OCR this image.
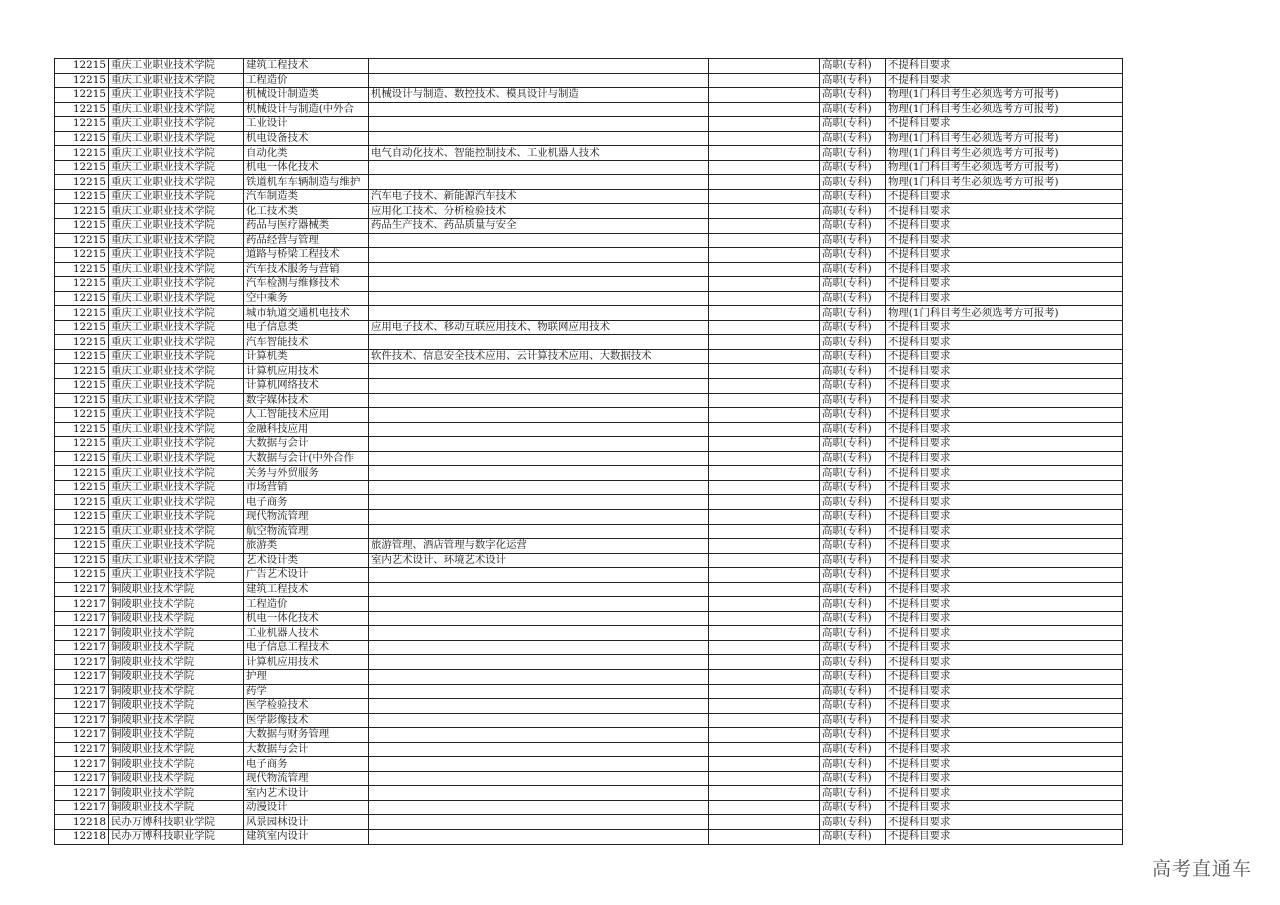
12215	重庆工业职业技术学院	建筑工程技术			高职(专科)	不提科目要求
12215	重庆工业职业技术学院	工程造价			高职(专科)	不提科目要求
12215	重庆工业职业技术学院	机械设计制造类	机械设计与制造、数控技术、模具设计与制造		高职(专科)	物理(1门科目考生必须选考方可报考)
12215	重庆工业职业技术学院	机械设计与制造(中外合			高职(专科)	物理(1门科目考生必须选考方可报考)
12215	重庆工业职业技术学院	工业设计			高职(专科)	不提科目要求
12215	重庆工业职业技术学院	机电设备技术			高职(专科)	物理(1门科目考生必须选考方可报考)
12215	重庆工业职业技术学院	自动化类	电气自动化技术、智能控制技术、工业机器人技术		高职(专科)	物理(1门科目考生必须选考方可报考)
12215	重庆工业职业技术学院	机电一体化技术			高职(专科)	物理(1门科目考生必须选考方可报考)
12215	重庆工业职业技术学院	铁道机车车辆制造与维护			高职(专科)	物理(1门科目考生必须选考方可报考)
12215	重庆工业职业技术学院	汽车制造类	汽车电子技术、新能源汽车技术		高职(专科)	不提科目要求
12215	重庆工业职业技术学院	化工技术类	应用化工技术、分析检验技术		高职(专科)	不提科目要求
12215	重庆工业职业技术学院	药品与医疗器械类	药品生产技术、药品质量与安全		高职(专科)	不提科目要求
12215	重庆工业职业技术学院	药品经营与管理			高职(专科)	不提科目要求
12215	重庆工业职业技术学院	道路与桥梁工程技术			高职(专科)	不提科目要求
12215	重庆工业职业技术学院	汽车技术服务与营销			高职(专科)	不提科目要求
12215	重庆工业职业技术学院	汽车检测与维修技术			高职(专科)	不提科目要求
12215	重庆工业职业技术学院	空中乘务			高职(专科)	不提科目要求
12215	重庆工业职业技术学院	城市轨道交通机电技术			高职(专科)	物理(1门科目考生必须选考方可报考)
12215	重庆工业职业技术学院	电子信息类	应用电子技术、移动互联应用技术、物联网应用技术		高职(专科)	不提科目要求
12215	重庆工业职业技术学院	汽车智能技术			高职(专科)	不提科目要求
12215	重庆工业职业技术学院	计算机类	软件技术、信息安全技术应用、云计算技术应用、大数据技术		高职(专科)	不提科目要求
12215	重庆工业职业技术学院	计算机应用技术			高职(专科)	不提科目要求
12215	重庆工业职业技术学院	计算机网络技术			高职(专科)	不提科目要求
12215	重庆工业职业技术学院	数字媒体技术			高职(专科)	不提科目要求
12215	重庆工业职业技术学院	人工智能技术应用			高职(专科)	不提科目要求
12215	重庆工业职业技术学院	金融科技应用			高职(专科)	不提科目要求
12215	重庆工业职业技术学院	大数据与会计			高职(专科)	不提科目要求
12215	重庆工业职业技术学院	大数据与会计(中外合作			高职(专科)	不提科目要求
12215	重庆工业职业技术学院	关务与外贸服务			高职(专科)	不提科目要求
12215	重庆工业职业技术学院	市场营销			高职(专科)	不提科目要求
12215	重庆工业职业技术学院	电子商务			高职(专科)	不提科目要求
12215	重庆工业职业技术学院	现代物流管理			高职(专科)	不提科目要求
12215	重庆工业职业技术学院	航空物流管理			高职(专科)	不提科目要求
12215	重庆工业职业技术学院	旅游类	旅游管理、酒店管理与数字化运营		高职(专科)	不提科目要求
12215	重庆工业职业技术学院	艺术设计类	室内艺术设计、环境艺术设计		高职(专科)	不提科目要求
12215	重庆工业职业技术学院	广告艺术设计			高职(专科)	不提科目要求
12217	铜陵职业技术学院	建筑工程技术			高职(专科)	不提科目要求
12217	铜陵职业技术学院	工程造价			高职(专科)	不提科目要求
12217	铜陵职业技术学院	机电一体化技术			高职(专科)	不提科目要求
12217	铜陵职业技术学院	工业机器人技术			高职(专科)	不提科目要求
12217	铜陵职业技术学院	电子信息工程技术			高职(专科)	不提科目要求
12217	铜陵职业技术学院	计算机应用技术			高职(专科)	不提科目要求
12217	铜陵职业技术学院	护理			高职(专科)	不提科目要求
12217	铜陵职业技术学院	药学			高职(专科)	不提科目要求
12217	铜陵职业技术学院	医学检验技术			高职(专科)	不提科目要求
12217	铜陵职业技术学院	医学影像技术			高职(专科)	不提科目要求
12217	铜陵职业技术学院	大数据与财务管理			高职(专科)	不提科目要求
12217	铜陵职业技术学院	大数据与会计			高职(专科)	不提科目要求
12217	铜陵职业技术学院	电子商务			高职(专科)	不提科目要求
12217	铜陵职业技术学院	现代物流管理			高职(专科)	不提科目要求
12217	铜陵职业技术学院	室内艺术设计			高职(专科)	不提科目要求
12217	铜陵职业技术学院	动漫设计			高职(专科)	不提科目要求
12218	民办万博科技职业学院	风景园林设计			高职(专科)	不提科目要求
12218	民办万博科技职业学院	建筑室内设计			高职(专科)	不提科目要求
高考直通车
